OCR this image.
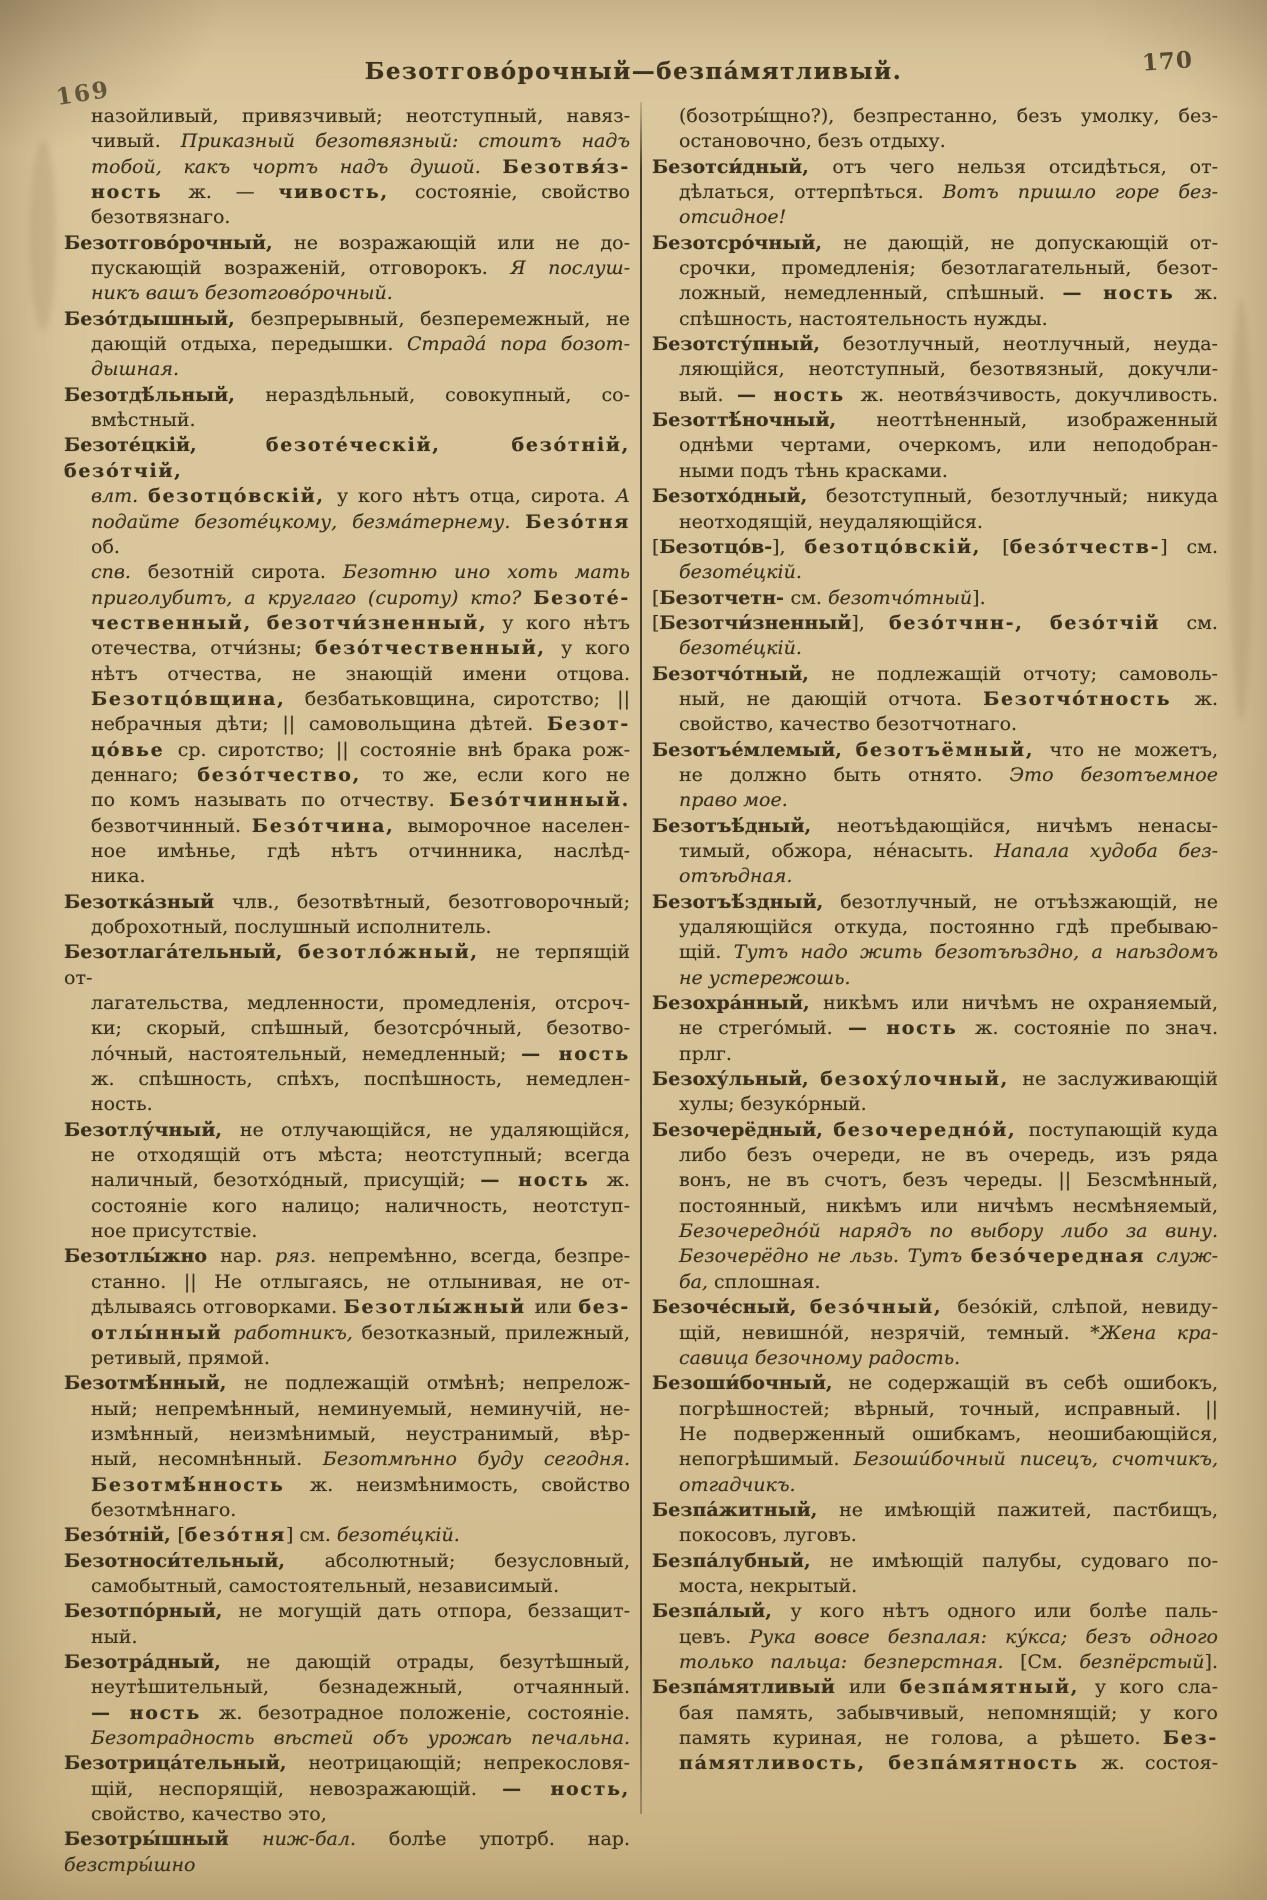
169
Безотгово́рочный—безпа́мятливый.	170
назойливый, привязчивый; неотступный, навяз-
чивый. Приказный безотвязный: стоитъ надъ
тобой, какъ чортъ надъ душой. Безотвя́з-
ность ж. — чивость, состояніе, свойство
безотвязнаго.
Безотгово́рочный, не возражающій или не до-
пускающій возраженій, отговорокъ. Я послуш-
никъ вашъ безотгово́рочный.
Безо́тдышный, безпрерывный, безперемежный, не
дающій отдыха, передышки. Страда́ пора бозот-
дышная.
Безотдѣ́льный, нераздѣльный, совокупный, со-
вмѣстный.
Безоте́цкій, безоте́ческій, безо́тній, безо́тчій,
влт. безотцо́вскій, у кого нѣтъ отца, сирота. А
подайте безоте́цкому, безма́тернему. Безо́тня об.
спв. безотній сирота. Безотню ино хоть мать
приголубитъ, а круглаго (сироту) кто? Безоте́-
чественный, безотчи́зненный, у кого нѣтъ
отечества, отчи́зны; безо́тчественный, у кого
нѣтъ отчества, не знающій имени отцова.
Безотцо́вщина, безбатьковщина, сиротство; ||
небрачныя дѣти; || самовольщина дѣтей. Безот-
цо́вье ср. сиротство; || состояніе внѣ брака рож-
деннаго; безо́тчество, то же, если кого не
по комъ называть по отчеству. Безо́тчинный.
безвотчинный. Безо́тчина, выморочное населен-
ное имѣнье, гдѣ нѣтъ отчинника, наслѣд-
ника.
Безотка́зный члв., безотвѣтный, безотговорочный;
доброхотный, послушный исполнитель.
Безотлага́тельный, безотло́жный, не терпящій от-
лагательства, медленности, промедленія, отсроч-
ки; скорый, спѣшный, безотсро́чный, безотво-
ло́чный, настоятельный, немедленный; — ность
ж. спѣшность, спѣхъ, поспѣшность, немедлен-
ность.
Безотлу́чный, не отлучающійся, не удаляющійся,
не отходящій отъ мѣста; неотступный; всегда
наличный, безотхо́дный, присущій; — ность ж.
состояніе кого налицо; наличность, неотступ-
ное присутствіе.
Безотлы́жно нар. ряз. непремѣнно, всегда, безпре-
станно. || Не отлыгаясь, не отлынивая, не от-
дѣлываясь отговорками. Безотлы́жный или без-
отлы́нный работникъ, безотказный, прилежный,
ретивый, прямой.
Безотмѣ́нный, не подлежащій отмѣнѣ; непрелож-
ный; непремѣнный, неминуемый, неминучій, не-
измѣнный, неизмѣнимый, неустранимый, вѣр-
ный, несомнѣнный. Безотмѣнно буду сегодня.
Безотмѣ́нность ж. неизмѣнимость, свойство
безотмѣннаго.
Безо́тній, [безо́тня] см. безоте́цкій.
Безотноси́тельный, абсолютный; безусловный,
самобытный, самостоятельный, независимый.
Безотпо́рный, не могущій дать отпора, беззащит-
ный.
Безотра́дный, не дающій отрады, безутѣшный,
неутѣшительный, безнадежный, отчаянный.
— ность ж. безотрадное положеніе, состояніе.
Безотрадность вѣстей объ урожаѣ печальна.
Безотрица́тельный, неотрицающій; непрекословя-
щій, неспорящій, невозражающій. — ность,
свойство, качество это,
Безотры́шный ниж-бал. болѣе употрб. нар. безстры́шно
(бозотры́щно?), безпрестанно, безъ умолку, без-
остановочно, безъ отдыху.
Безотси́дный, отъ чего нельзя отсидѣться, от-
дѣлаться, оттерпѣться. Вотъ пришло горе без-
отсидное!
Безотсро́чный, не дающій, не допускающій от-
срочки, промедленія; безотлагательный, безот-
ложный, немедленный, спѣшный. — ность ж.
спѣшность, настоятельность нужды.
Безотсту́пный, безотлучный, неотлучный, неуда-
ляющійся, неотступный, безотвязный, докучли-
вый. — ность ж. неотвя́зчивость, докучливость.
Безоттѣ́ночный, неоттѣненный, изображенный
однѣми чертами, очеркомъ, или неподобран-
ными подъ тѣнь красками.
Безотхо́дный, безотступный, безотлучный; никуда
неотходящій, неудаляющійся.
[Безотцо́в-], безотцо́вскій, [безо́тчеств-] см.
безоте́цкій.
[Безотчетн- см. безотчо́тный].
[Безотчи́зненный], безо́тчнн-, безо́тчій см.
безоте́цкій.
Безотчо́тный, не подлежащій отчоту; самоволь-
ный, не дающій отчота. Безотчо́тность ж.
свойство, качество безотчотнаго.
Безотъе́млемый, безотъёмный, что не можетъ,
не должно быть отнято. Это безотъемное
право мое.
Безотъѣ́дный, неотъѣдающійся, ничѣмъ ненасы-
тимый, обжора, не́насыть. Напала худоба без-
отъѣдная.
Безотъѣ́здный, безотлучный, не отъѣзжающій, не
удаляющійся откуда, постоянно гдѣ пребываю-
щій. Тутъ надо жить безотъѣздно, а наѣздомъ
не устережошь.
Безохра́нный, никѣмъ или ничѣмъ не охраняемый,
не стрего́мый. — ность ж. состояніе по знач.
прлг.
Безоху́льный, безоху́лочный, не заслуживающій
хулы; безуко́рный.
Безочерёдный, безочередно́й, поступающій куда
либо безъ очереди, не въ очередь, изъ ряда
вонъ, не въ счотъ, безъ череды. || Безсмѣнный,
постоянный, никѣмъ или ничѣмъ несмѣняемый,
Безочередно́й нарядъ по выбору либо за вину.
Безочерёдно не льзь. Тутъ безо́чередная служ-
ба, сплошная.
Безоче́сный, безо́чный, безо́кій, слѣпой, невиду-
щій, невишно́й, незрячій, темный. *Жена кра-
савица безочному радость.
Безоши́бочный, не содержащій въ себѣ ошибокъ,
погрѣшностей; вѣрный, точный, исправный. ||
Не подверженный ошибкамъ, неошибающійся,
непогрѣшимый. Безоши́бочный писецъ, счотчикъ,
отгадчикъ.
Безпа́житный, не имѣющій пажитей, пастбищъ,
покосовъ, луговъ.
Безпа́лубный, не имѣющій палубы, судоваго по-
моста, некрытый.
Безпа́лый, у кого нѣтъ одного или болѣе паль-
цевъ. Рука вовсе безпалая: ку́кса; безъ одного
только пальца: безперстная. [См. безпёрстый].
Безпа́мятливый или безпа́мятный, у кого сла-
бая память, забывчивый, непомнящій; у кого
память куриная, не голова, а рѣшето. Без-
па́мятливость, безпа́мятность ж. состоя-
